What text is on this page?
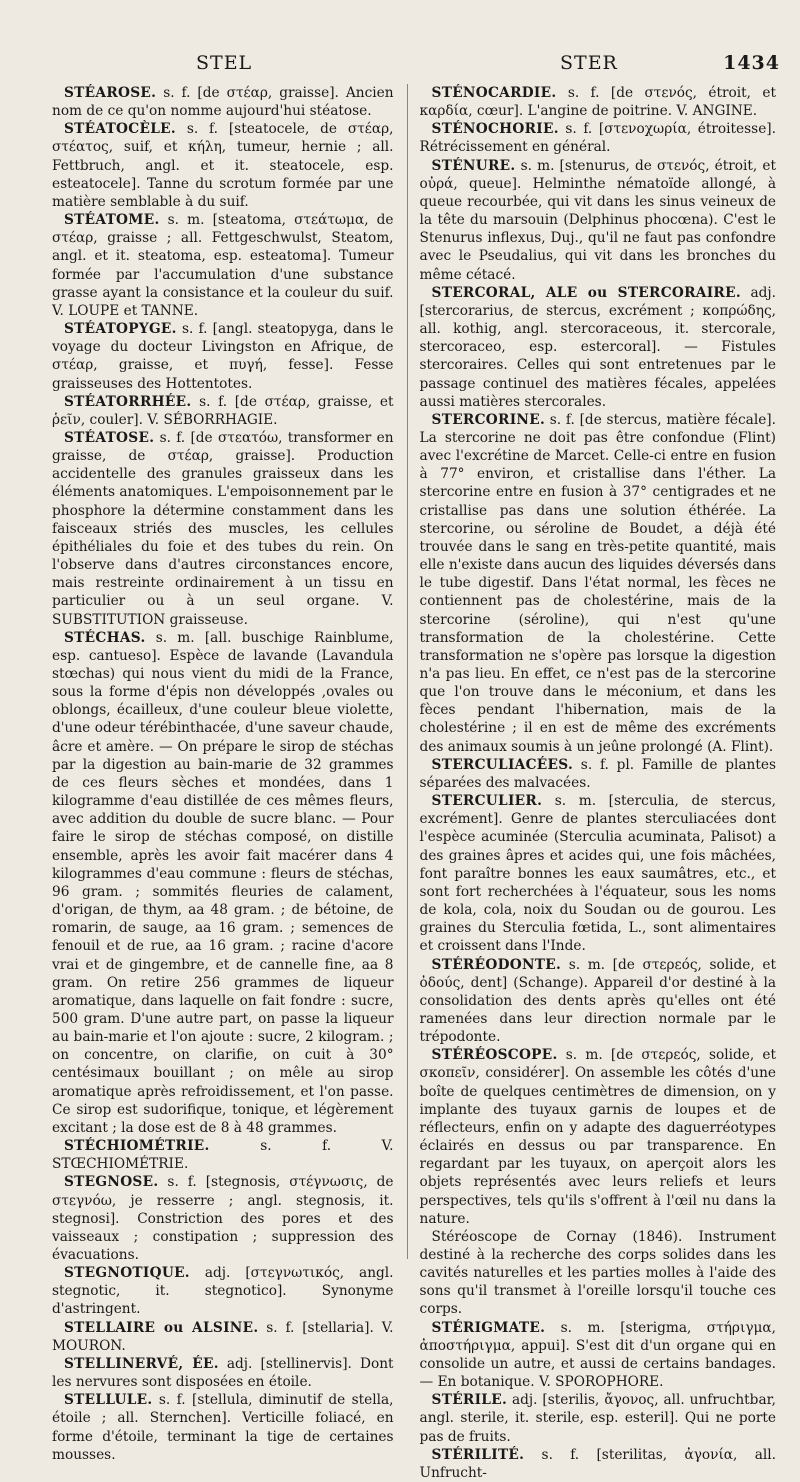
STEL	STER	1434

STÉAROSE. s. f. [de στέαρ, graisse]. Ancien nom de ce qu'on nomme aujourd'hui stéatose.

STÉATOCÈLE. s. f. [steatocele, de στέαρ, στέατος, suif, et κήλη, tumeur, hernie ; all. Fettbruch, angl. et it. steatocele, esp. esteatocele]. Tanne du scrotum formée par une matière semblable à du suif.

STÉATOME. s. m. [steatoma, στεάτωμα, de στέαρ, graisse ; all. Fettgeschwulst, Steatom, angl. et it. steatoma, esp. esteatoma]. Tumeur formée par l'accumulation d'une substance grasse ayant la consistance et la couleur du suif. V. LOUPE et TANNE.

STÉATOPYGE. s. f. [angl. steatopyga, dans le voyage du docteur Livingston en Afrique, de στέαρ, graisse, et πυγή, fesse]. Fesse graisseuses des Hottentotes.

STÉATORRHÉE. s. f. [de στέαρ, graisse, et ῥεῖν, couler]. V. SÉBORRHAGIE.

STÉATOSE. s. f. [de στεατόω, transformer en graisse, de στέαρ, graisse]. Production accidentelle des granules graisseux dans les éléments anatomiques. L'empoisonnement par le phosphore la détermine constamment dans les faisceaux striés des muscles, les cellules épithéliales du foie et des tubes du rein. On l'observe dans d'autres circonstances encore, mais restreinte ordinairement à un tissu en particulier ou à un seul organe. V. SUBSTITUTION graisseuse.

STÉCHAS. s. m. [all. buschige Rainblume, esp. cantueso]. Espèce de lavande (Lavandula stœchas) qui nous vient du midi de la France, sous la forme d'épis non développés ,ovales ou oblongs, écailleux, d'une couleur bleue violette, d'une odeur térébinthacée, d'une saveur chaude, âcre et amère. — On prépare le sirop de stéchas par la digestion au bain-marie de 32 grammes de ces fleurs sèches et mondées, dans 1 kilogramme d'eau distillée de ces mêmes fleurs, avec addition du double de sucre blanc. — Pour faire le sirop de stéchas composé, on distille ensemble, après les avoir fait macérer dans 4 kilogrammes d'eau commune : fleurs de stéchas, 96 gram. ; sommités fleuries de calament, d'origan, de thym, aa 48 gram. ; de bétoine, de romarin, de sauge, aa 16 gram. ; semences de fenouil et de rue, aa 16 gram. ; racine d'acore vrai et de gingembre, et de cannelle fine, aa 8 gram. On retire 256 grammes de liqueur aromatique, dans laquelle on fait fondre : sucre, 500 gram. D'une autre part, on passe la liqueur au bain-marie et l'on ajoute : sucre, 2 kilogram. ; on concentre, on clarifie, on cuit à 30° centésimaux bouillant ; on mêle au sirop aromatique après refroidissement, et l'on passe. Ce sirop est sudorifique, tonique, et légèrement excitant ; la dose est de 8 à 48 grammes.

STÉCHIOMÉTRIE.	s. f. V. STŒCHIOMÉTRIE.

STEGNOSE. s. f. [stegnosis, στέγνωσις, de στεγνόω, je resserre ; angl. stegnosis, it. stegnosi]. Constriction des pores et des vaisseaux ; constipation ; suppression des évacuations.

STEGNOTIQUE. adj. [στεγνωτικός, angl. stegnotic, it. stegnotico]. Synonyme d'astringent.

STELLAIRE ou ALSINE. s. f. [stellaria]. V. MOURON.

STELLINERVÉ, ÉE. adj. [stellinervis]. Dont les nervures sont disposées en étoile.

STELLULE. s. f. [stellula, diminutif de stella, étoile ; all. Sternchen]. Verticille foliacé, en forme d'étoile, terminant la tige de certaines mousses.

STÉNOCARDIE. s. f. [de στενός, étroit, et καρδία, cœur]. L'angine de poitrine. V. ANGINE.

STÉNOCHORIE. s. f. [στενοχωρία, étroitesse]. Rétrécissement en général.

STÉNURE. s. m. [stenurus, de στενός, étroit, et οὐρά, queue]. Helminthe nématoïde allongé, à queue recourbée, qui vit dans les sinus veineux de la tête du marsouin (Delphinus phocœna). C'est le Stenurus inflexus, Duj., qu'il ne faut pas confondre avec le Pseudalius, qui vit dans les bronches du même cétacé.

STERCORAL, ALE ou STERCORAIRE. adj. [stercorarius, de stercus, excrément ; κοπρώδης, all. kothig, angl. stercoraceous, it. stercorale, stercoraceo, esp. estercoral]. — Fistules stercoraires. Celles qui sont entretenues par le passage continuel des matières fécales, appelées aussi matières stercorales.

STERCORINE. s. f. [de stercus, matière fécale]. La stercorine ne doit pas être confondue (Flint) avec l'excrétine de Marcet. Celle-ci entre en fusion à 77° environ, et cristallise dans l'éther. La stercorine entre en fusion à 37° centigrades et ne cristallise pas dans une solution éthérée. La stercorine, ou séroline de Boudet, a déjà été trouvée dans le sang en très-petite quantité, mais elle n'existe dans aucun des liquides déversés dans le tube digestif. Dans l'état normal, les fèces ne contiennent pas de cholestérine, mais de la stercorine (séroline), qui n'est qu'une transformation de la cholestérine. Cette transformation ne s'opère pas lorsque la digestion n'a pas lieu. En effet, ce n'est pas de la stercorine que l'on trouve dans le méconium, et dans les fèces pendant l'hibernation, mais de la cholestérine ; il en est de même des excréments des animaux soumis à un jeûne prolongé (A. Flint).

STERCULIACÉES. s. f. pl. Famille de plantes séparées des malvacées.

STERCULIER. s. m. [sterculia, de stercus, excrément]. Genre de plantes sterculiacées dont l'espèce acuminée (Sterculia acuminata, Palisot) a des graines âpres et acides qui, une fois mâchées, font paraître bonnes les eaux saumâtres, etc., et sont fort recherchées à l'équateur, sous les noms de kola, cola, noix du Soudan ou de gourou. Les graines du Sterculia fœtida, L., sont alimentaires et croissent dans l'Inde.

STÉRÉODONTE. s. m. [de στερεός, solide, et ὀδούς, dent] (Schange). Appareil d'or destiné à la consolidation des dents après qu'elles ont été ramenées dans leur direction normale par le trépodonte.

STÉRÉOSCOPE. s. m. [de στερεός, solide, et σκοπεῖν, considérer]. On assemble les côtés d'une boîte de quelques centimètres de dimension, on y implante des tuyaux garnis de loupes et de réflecteurs, enfin on y adapte des daguerréotypes éclairés en dessus ou par transparence. En regardant par les tuyaux, on aperçoit alors les objets représentés avec leurs reliefs et leurs perspectives, tels qu'ils s'offrent à l'œil nu dans la nature.

Stéréoscope de Cornay (1846). Instrument destiné à la recherche des corps solides dans les cavités naturelles et les parties molles à l'aide des sons qu'il transmet à l'oreille lorsqu'il touche ces corps.

STÉRIGMATE. s. m. [sterigma, στήριγμα, ἀποστήριγμα, appui]. S'est dit d'un organe qui en consolide un autre, et aussi de certains bandages. — En botanique. V. SPOROPHORE.

STÉRILE. adj. [sterilis, ἄγονος, all. unfruchtbar, angl. sterile, it. sterile, esp. esteril]. Qui ne porte pas de fruits.

STÉRILITÉ. s. f. [sterilitas, ἀγονία, all. Unfrucht-
